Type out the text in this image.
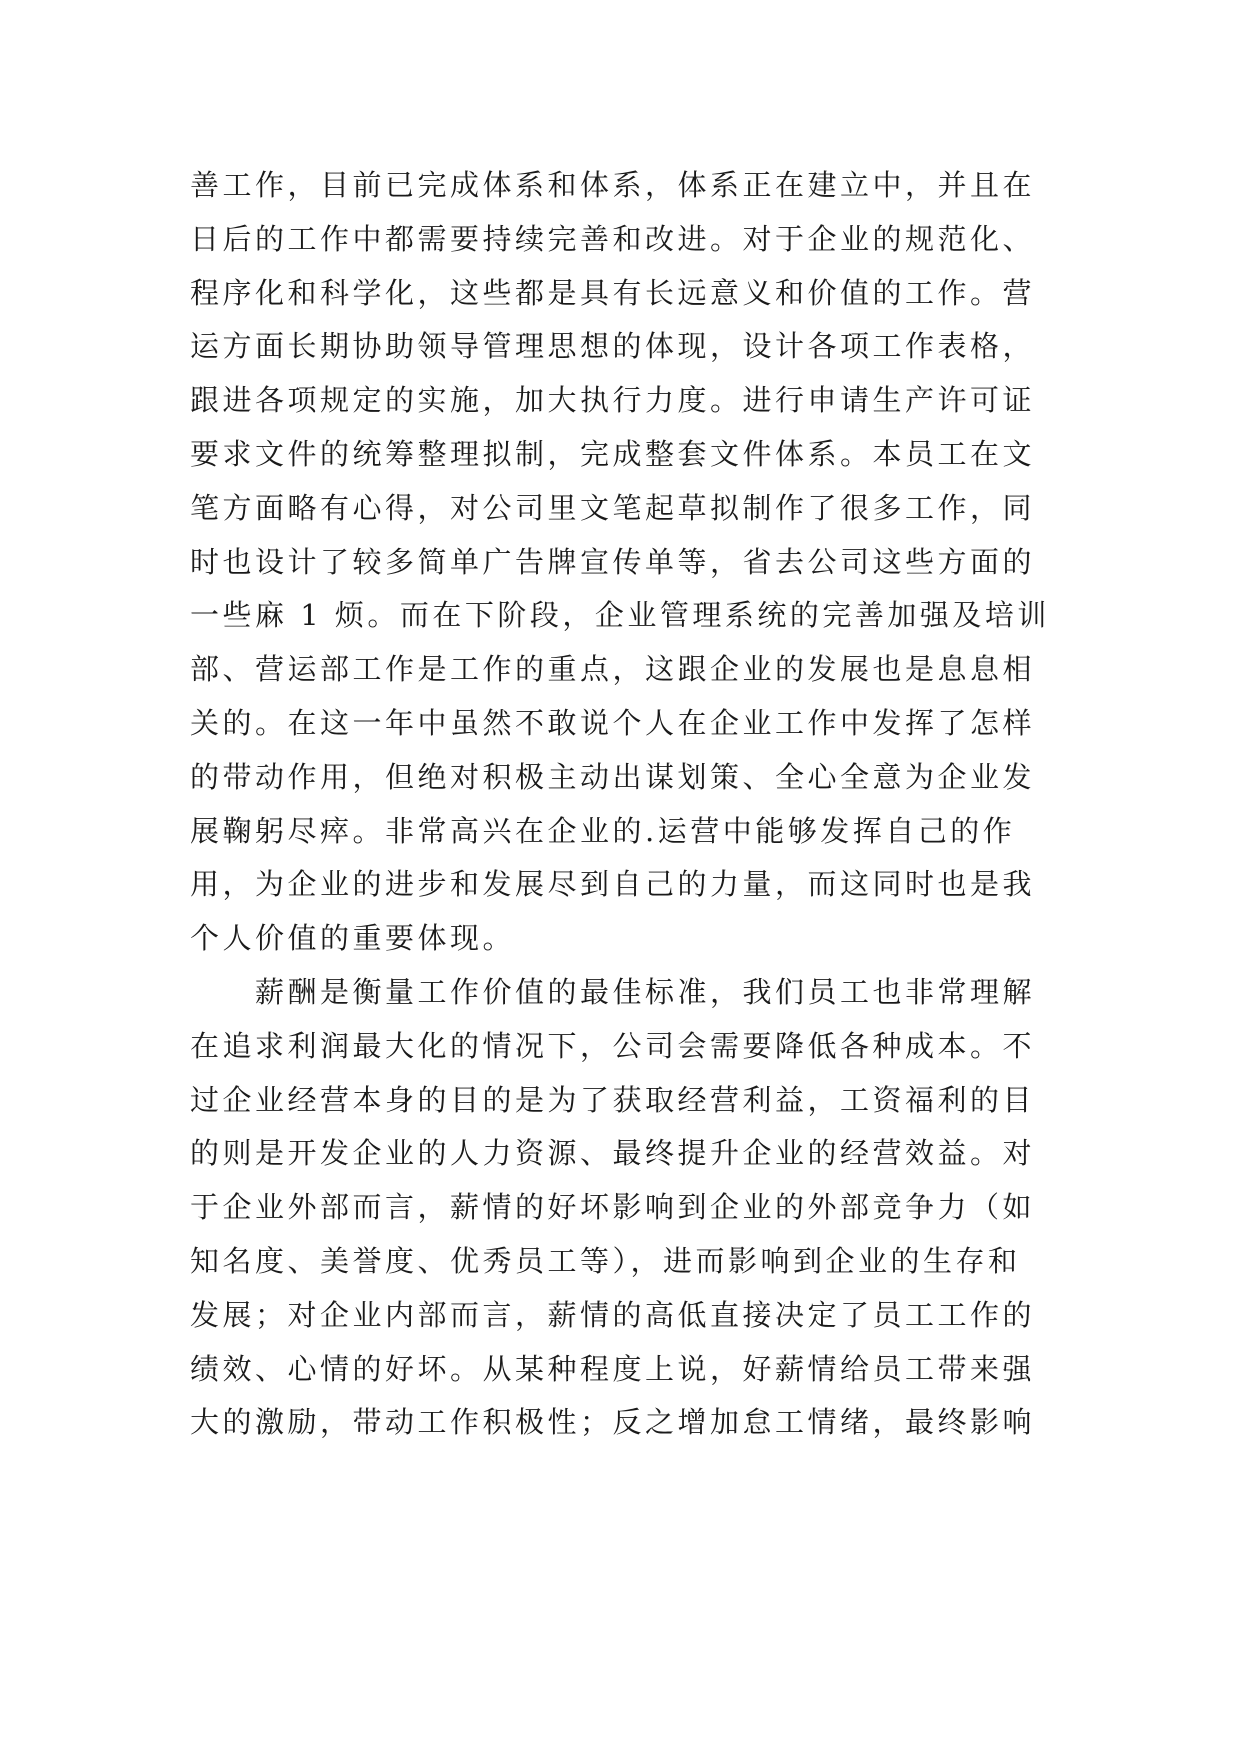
善工作，目前已完成体系和体系，体系正在建立中，并且在
日后的工作中都需要持续完善和改进。对于企业的规范化、
程序化和科学化，这些都是具有长远意义和价值的工作。营
运方面长期协助领导管理思想的体现，设计各项工作表格，
跟进各项规定的实施，加大执行力度。进行申请生产许可证
要求文件的统筹整理拟制，完成整套文件体系。本员工在文
笔方面略有心得，对公司里文笔起草拟制作了很多工作，同
时也设计了较多简单广告牌宣传单等，省去公司这些方面的
一些麻 1 烦。而在下阶段，企业管理系统的完善加强及培训
部、营运部工作是工作的重点，这跟企业的发展也是息息相
关的。在这一年中虽然不敢说个人在企业工作中发挥了怎样
的带动作用，但绝对积极主动出谋划策、全心全意为企业发
展鞠躬尽瘁。非常高兴在企业的.运营中能够发挥自己的作
用，为企业的进步和发展尽到自己的力量，而这同时也是我
个人价值的重要体现。
　　薪酬是衡量工作价值的最佳标准，我们员工也非常理解
在追求利润最大化的情况下，公司会需要降低各种成本。不
过企业经营本身的目的是为了获取经营利益，工资福利的目
的则是开发企业的人力资源、最终提升企业的经营效益。对
于企业外部而言，薪情的好坏影响到企业的外部竞争力（如
知名度、美誉度、优秀员工等），进而影响到企业的生存和
发展；对企业内部而言，薪情的高低直接决定了员工工作的
绩效、心情的好坏。从某种程度上说，好薪情给员工带来强
大的激励，带动工作积极性；反之增加怠工情绪，最终影响
